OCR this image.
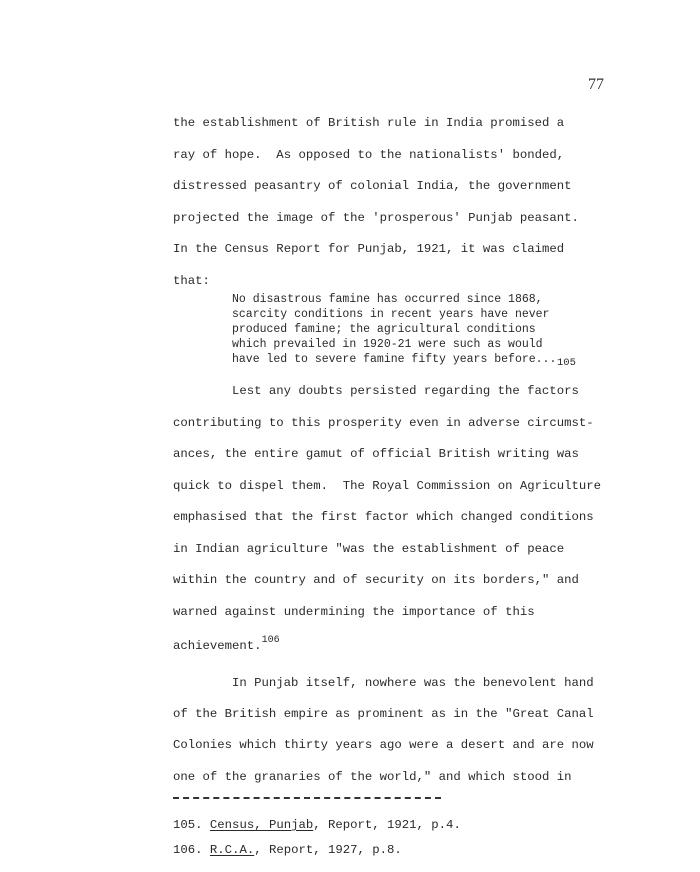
77
the establishment of British rule in India promised a
ray of hope.  As opposed to the nationalists' bonded,
distressed peasantry of colonial India, the government
projected the image of the 'prosperous' Punjab peasant.
In the Census Report for Punjab, 1921, it was claimed
that:
No disastrous famine has occurred since 1868,
scarcity conditions in recent years have never
produced famine; the agricultural conditions
which prevailed in 1920-21 were such as would
have led to severe famine fifty years before... 105
Lest any doubts persisted regarding the factors
contributing to this prosperity even in adverse circumst-
ances, the entire gamut of official British writing was
quick to dispel them.  The Royal Commission on Agriculture
emphasised that the first factor which changed conditions
in Indian agriculture "was the establishment of peace
within the country and of security on its borders," and
warned against undermining the importance of this
achievement.$^{106}$
In Punjab itself, nowhere was the benevolent hand
of the British empire as prominent as in the "Great Canal
Colonies which thirty years ago were a desert and are now
one of the granaries of the world," and which stood in
105. Census, Punjab, Report, 1921, p.4.
106. R.C.A., Report, 1927, p.8.
